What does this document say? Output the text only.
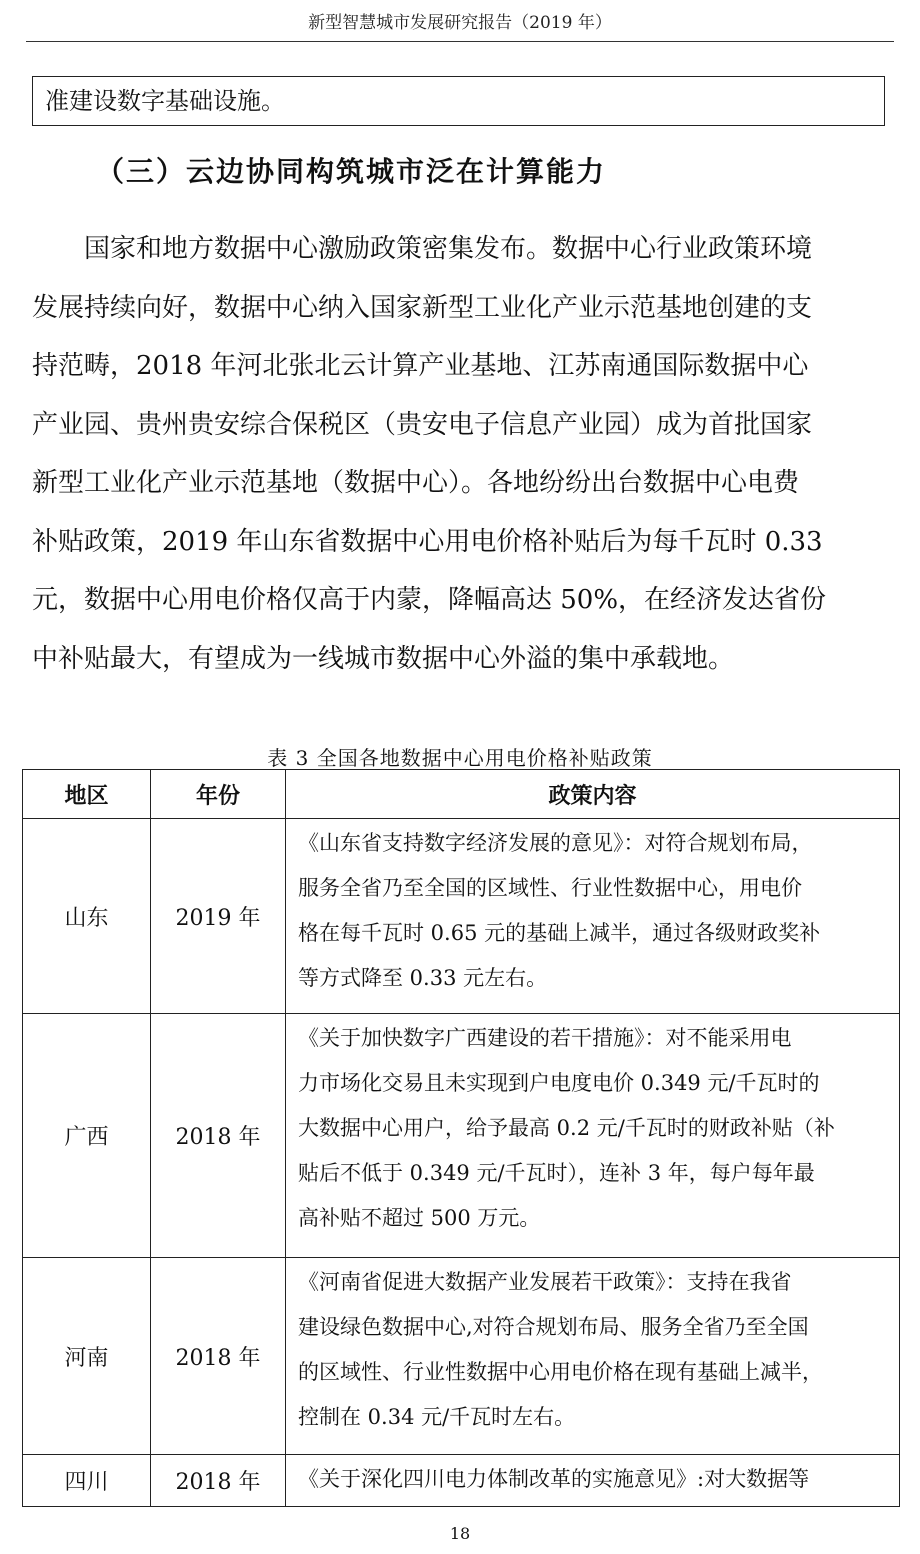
新型智慧城市发展研究报告（2019 年）
准建设数字基础设施。
（三）云边协同构筑城市泛在计算能力

　　国家和地方数据中心激励政策密集发布。数据中心行业政策环境
发展持续向好，数据中心纳入国家新型工业化产业示范基地创建的支
持范畴，2018 年河北张北云计算产业基地、江苏南通国际数据中心
产业园、贵州贵安综合保税区（贵安电子信息产业园）成为首批国家
新型工业化产业示范基地（数据中心）。各地纷纷出台数据中心电费
补贴政策，2019 年山东省数据中心用电价格补贴后为每千瓦时 0.33
元，数据中心用电价格仅高于内蒙，降幅高达 50%，在经济发达省份
中补贴最大，有望成为一线城市数据中心外溢的集中承载地。

表 3 全国各地数据中心用电价格补贴政策
地区	年份	政策内容
山东	2019 年	《山东省支持数字经济发展的意见》：对符合规划布局，
服务全省乃至全国的区域性、行业性数据中心，用电价
格在每千瓦时 0.65 元的基础上减半，通过各级财政奖补
等方式降至 0.33 元左右。

广西	2018 年	《关于加快数字广西建设的若干措施》：对不能采用电
力市场化交易且未实现到户电度电价 0.349 元/千瓦时的
大数据中心用户，给予最高 0.2 元/千瓦时的财政补贴（补
贴后不低于 0.349 元/千瓦时），连补 3 年，每户每年最
高补贴不超过 500 万元。

河南	2018 年	《河南省促进大数据产业发展若干政策》：支持在我省
建设绿色数据中心,对符合规划布局、服务全省乃至全国
的区域性、行业性数据中心用电价格在现有基础上减半，
控制在 0.34 元/千瓦时左右。

四川	2018 年	《关于深化四川电力体制改革的实施意见》:对大数据等
18
